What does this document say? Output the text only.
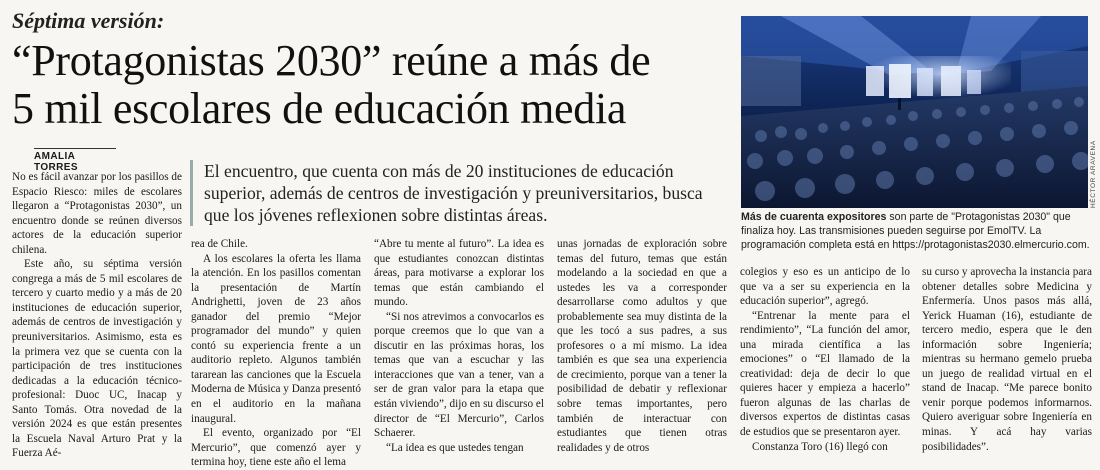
Séptima versión:
“Protagonistas 2030” reúne a más de
5 mil escolares de educación media
AMALIA TORRES	El encuentro, que cuenta con más de 20 instituciones de educación superior, además de centros de investigación y preuniversitarios, busca que los jóvenes reflexionen sobre distintas áreas.

No es fácil avanzar por los pasillos de Espacio Riesco: miles de escolares llegaron a “Protagonistas 2030”, un encuentro donde se reúnen diversos actores de la educación superior chilena.

Este año, su séptima versión congrega a más de 5 mil escolares de tercero y cuarto medio y a más de 20 instituciones de educación superior, además de centros de investigación y preuniversitarios. Asimismo, esta es la primera vez que se cuenta con la participación de tres instituciones dedicadas a la educación técnico-profesional: Duoc UC, Inacap y Santo Tomás. Otra novedad de la versión 2024 es que están presentes la Escuela Naval Arturo Prat y la Fuerza Aé-

rea de Chile.

A los escolares la oferta les llama la atención. En los pasillos comentan la presentación de Martín Andrighetti, joven de 23 años ganador del premio “Mejor programador del mundo” y quien contó su experiencia frente a un auditorio repleto. Algunos también tararean las canciones que la Escuela Moderna de Música y Danza presentó en el auditorio en la mañana inaugural.

El evento, organizado por “El Mercurio”, que comenzó ayer y termina hoy, tiene este año el lema

“Abre tu mente al futuro”. La idea es que estudiantes conozcan distintas áreas, para motivarse a explorar los temas que están cambiando el mundo.

“Si nos atrevimos a convocarlos es porque creemos que lo que van a discutir en las próximas horas, los temas que van a escuchar y las interacciones que van a tener, van a ser de gran valor para la etapa que están viviendo”, dijo en su discurso el director de “El Mercurio”, Carlos Schaerer.

“La idea es que ustedes tengan

unas jornadas de exploración sobre temas del futuro, temas que están modelando a la sociedad en que a ustedes les va a corresponder desarrollarse como adultos y que probablemente sea muy distinta de la que les tocó a sus padres, a sus profesores o a mí mismo. La idea también es que sea una experiencia de crecimiento, porque van a tener la posibilidad de debatir y reflexionar sobre temas importantes, pero también de interactuar con estudiantes que tienen otras realidades y de otros

HÉCTOR ARAVENA

Más de cuarenta expositores son parte de "Protagonistas 2030" que finaliza hoy. Las transmisiones pueden seguirse por EmolTV. La programación completa está en https://protagonistas2030.elmercurio.com.

colegios y eso es un anticipo de lo que va a ser su experiencia en la educación superior”, agregó.

“Entrenar la mente para el rendimiento”, “La función del amor, una mirada científica a las emociones” o “El llamado de la creatividad: deja de decir lo que quieres hacer y empieza a hacerlo” fueron algunas de las charlas de diversos expertos de distintas casas de estudios que se presentaron ayer.

Constanza Toro (16) llegó con

su curso y aprovecha la instancia para obtener detalles sobre Medicina y Enfermería. Unos pasos más allá, Yerick Huaman (16), estudiante de tercero medio, espera que le den información sobre Ingeniería; mientras su hermano gemelo prueba un juego de realidad virtual en el stand de Inacap. “Me parece bonito venir porque podemos informarnos. Quiero averiguar sobre Ingeniería en minas. Y acá hay varias posibilidades”.
